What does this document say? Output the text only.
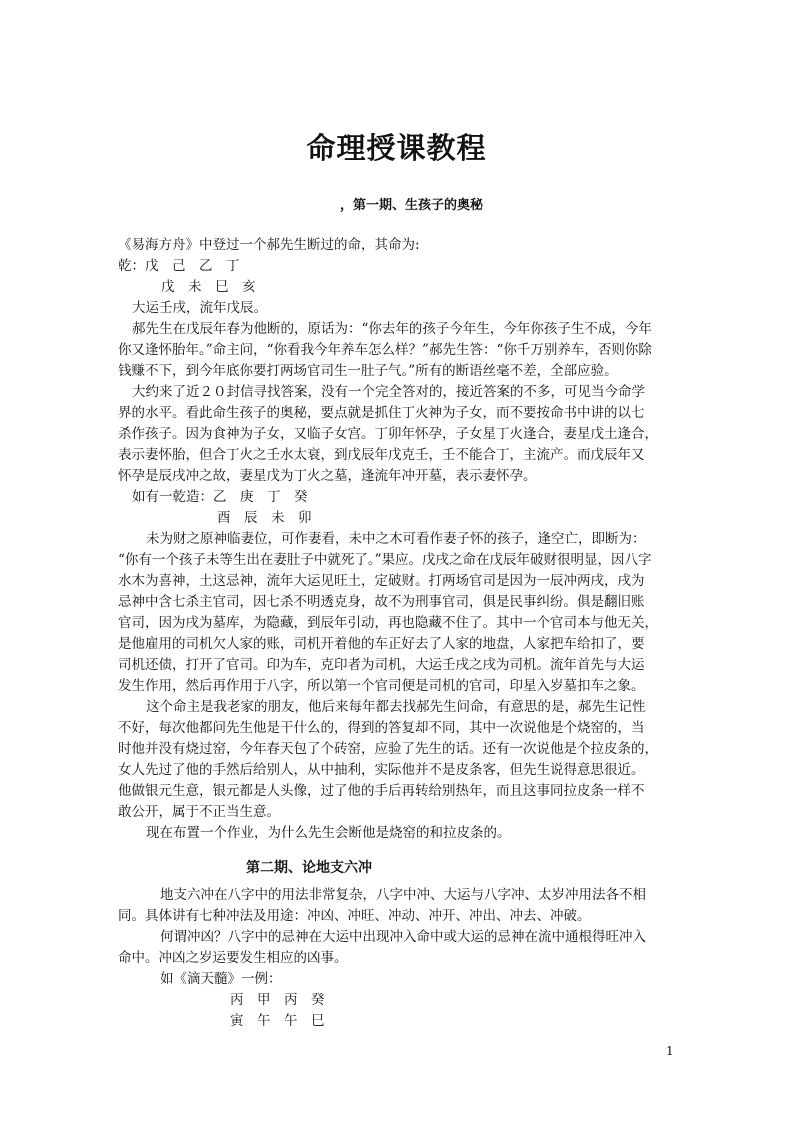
命理授课教程
，第一期、生孩子的奥秘
《易海方舟》中登过一个郝先生断过的命，其命为:
乾：戊　己　乙　丁
戊　未　巳　亥
大运壬戌，流年戊辰。
郝先生在戊辰年春为他断的，原话为：“你去年的孩子今年生，今年你孩子生不成，今年
你又逢怀胎年。”命主问，“你看我今年养车怎么样？”郝先生答：“你千万别养车，否则你除
钱赚不下，到今年底你要打两场官司生一肚子气。”所有的断语丝毫不差，全部应验。
大约来了近２０封信寻找答案，没有一个完全答对的，接近答案的不多，可见当今命学
界的水平。看此命生孩子的奥秘，要点就是抓住丁火神为子女，而不要按命书中讲的以七
杀作孩子。因为食神为子女，又临子女宫。丁卯年怀孕，子女星丁火逢合，妻星戊土逢合，
表示妻怀胎，但合丁火之壬水太衰，到戊辰年戊克壬，壬不能合丁，主流产。而戊辰年又
怀孕是辰戌冲之故，妻星戊为丁火之墓，逢流年冲开墓，表示妻怀孕。
如有一乾造：乙　庚　丁　癸
酉　辰　未　卯
未为财之原神临妻位，可作妻看，未中之木可看作妻子怀的孩子，逢空亡，即断为：
“你有一个孩子未等生出在妻肚子中就死了。”果应。戊戌之命在戊辰年破财很明显，因八字
水木为喜神，土这忌神，流年大运见旺土，定破财。打两场官司是因为一辰冲两戌，戌为
忌神中含七杀主官司，因七杀不明透克身，故不为刑事官司，俱是民事纠纷。俱是翻旧账
官司，因为戌为墓库，为隐藏，到辰年引动，再也隐藏不住了。其中一个官司本与他无关，
是他雇用的司机欠人家的账，司机开着他的车正好去了人家的地盘，人家把车给扣了，要
司机还债，打开了官司。印为车，克印者为司机，大运壬戌之戌为司机。流年首先与大运
发生作用，然后再作用于八字，所以第一个官司便是司机的官司，印星入岁墓扣车之象。
这个命主是我老家的朋友，他后来每年都去找郝先生问命，有意思的是，郝先生记性
不好，每次他都问先生他是干什么的，得到的答复却不同，其中一次说他是个烧窑的，当
时他并没有烧过窑，今年春天包了个砖窑，应验了先生的话。还有一次说他是个拉皮条的，
女人先过了他的手然后给别人，从中抽利，实际他并不是皮条客，但先生说得意思很近。
他做银元生意，银元都是人头像，过了他的手后再转给别热年，而且这事同拉皮条一样不
敢公开，属于不正当生意。
现在布置一个作业，为什么先生会断他是烧窑的和拉皮条的。
第二期、论地支六冲
地支六冲在八字中的用法非常复杂，八字中冲、大运与八字冲、太岁冲用法各不相
同。具体讲有七种冲法及用途：冲凶、冲旺、冲动、冲开、冲出、冲去、冲破。
何谓冲凶？八字中的忌神在大运中出现冲入命中或大运的忌神在流中通根得旺冲入
命中。冲凶之岁运要发生相应的凶事。
如《滴天髓》一例：
丙　甲　丙　癸
寅　午　午　巳
1
